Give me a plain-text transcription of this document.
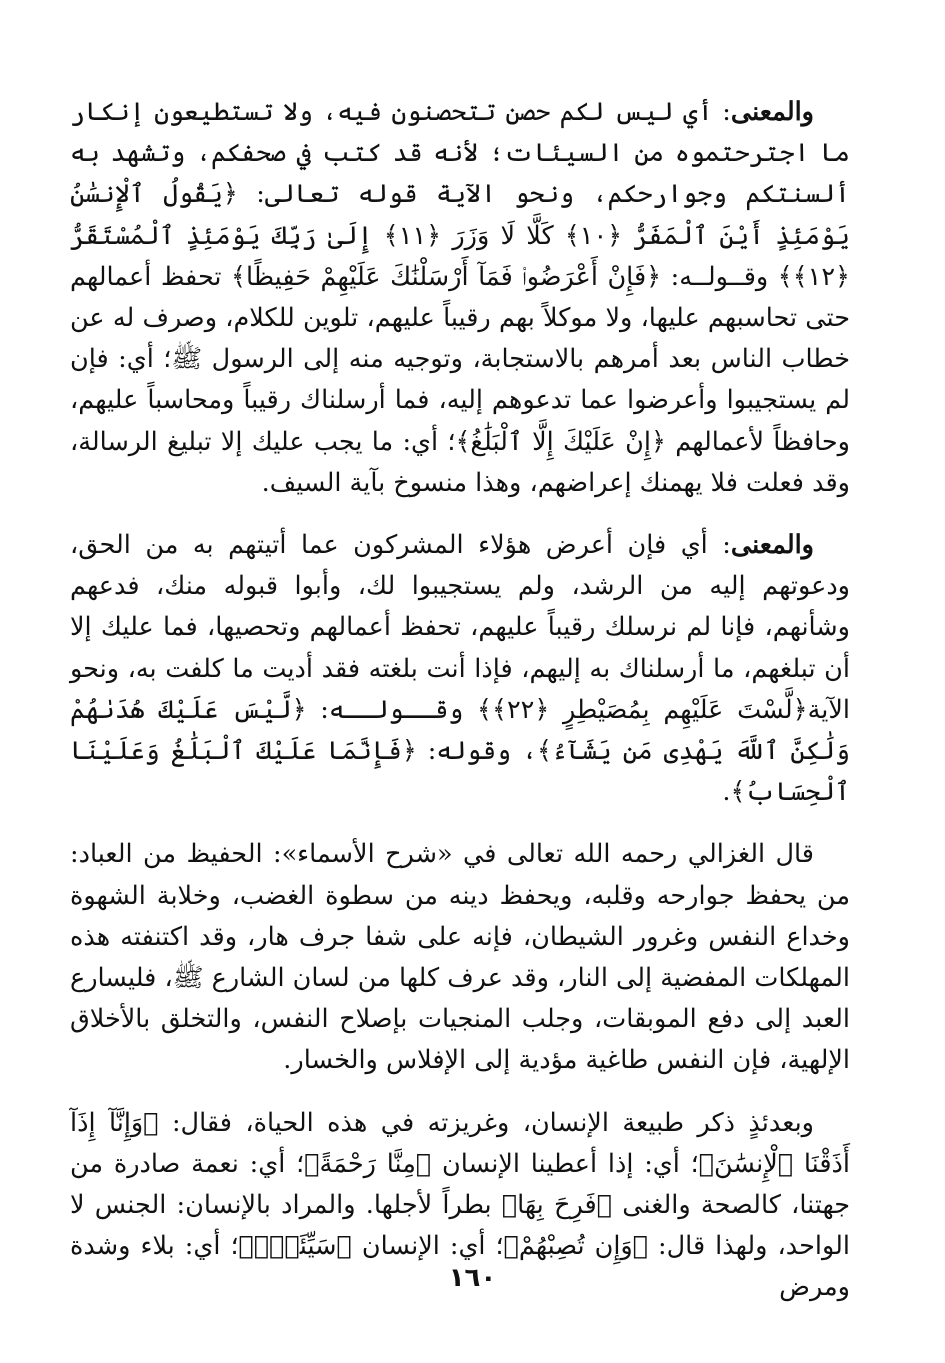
والمعنى: أي ليس لكم حصن تتحصنون فيه، ولا تستطيعون إنكار ما اجترحتموه من السيئات؛ لأنه قد كتب في صحفكم، وتشهد به ألسنتكم وجوارحكم، ونحو الآية قوله تعالى: ﴿يَقُولُ ٱلْإِنسَٰنُ يَوْمَئِذٍ أَيْنَ ٱلْمَفَرُّ ﴿١٠﴾ كَلَّا لَا وَزَرَ ﴿١١﴾ إِلَىٰ رَبِّكَ يَوْمَئِذٍ ٱلْمُسْتَقَرُّ ﴿١٢﴾﴾ وقــولــه: ﴿فَإِنْ أَعْرَضُوا۟ فَمَآ أَرْسَلْنَٰكَ عَلَيْهِمْ حَفِيظًا﴾ تحفظ أعمالهم حتى تحاسبهم عليها، ولا موكلاً بهم رقيباً عليهم، تلوين للكلام، وصرف له عن خطاب الناس بعد أمرهم بالاستجابة، وتوجيه منه إلى الرسول ﷺ؛ أي: فإن لم يستجيبوا وأعرضوا عما تدعوهم إليه، فما أرسلناك رقيباً ومحاسباً عليهم، وحافظاً لأعمالهم ﴿إِنْ عَلَيْكَ إِلَّا ٱلْبَلَٰغُ﴾؛ أي: ما يجب عليك إلا تبليغ الرسالة، وقد فعلت فلا يهمنك إعراضهم، وهذا منسوخ بآية السيف.

والمعنى: أي فإن أعرض هؤلاء المشركون عما أتيتهم به من الحق، ودعوتهم إليه من الرشد، ولم يستجيبوا لك، وأبوا قبوله منك، فدعهم وشأنهم، فإنا لم نرسلك رقيباً عليهم، تحفظ أعمالهم وتحصيها، فما عليك إلا أن تبلغهم، ما أرسلناك به إليهم، فإذا أنت بلغته فقد أديت ما كلفت به، ونحو الآية﴿لَّسْتَ عَلَيْهِم بِمُصَيْطِرٍ ﴿٢٢﴾﴾ وقــولــه: ﴿لَّيْسَ عَلَيْكَ هُدَىٰهُمْ وَلَٰكِنَّ ٱللَّهَ يَهْدِى مَن يَشَآءُ﴾، وقوله: ﴿فَإِنَّمَا عَلَيْكَ ٱلْبَلَٰغُ وَعَلَيْنَا ٱلْحِسَابُ﴾.

قال الغزالي رحمه الله تعالى في «شرح الأسماء»: الحفيظ من العباد: من يحفظ جوارحه وقلبه، ويحفظ دينه من سطوة الغضب، وخلابة الشهوة وخداع النفس وغرور الشيطان، فإنه على شفا جرف هار، وقد اكتنفته هذه المهلكات المفضية إلى النار، وقد عرف كلها من لسان الشارع ﷺ، فليسارع العبد إلى دفع الموبقات، وجلب المنجيات بإصلاح النفس، والتخلق بالأخلاق الإلهية، فإن النفس طاغية مؤدية إلى الإفلاس والخسار.

وبعدئذٍ ذكر طبيعة الإنسان، وغريزته في هذه الحياة، فقال: ﴿وَإِنَّآ إِذَآ أَذَقْنَا ٱلْإِنسَٰنَ﴾؛ أي: إذا أعطينا الإنسان ﴿مِنَّا رَحْمَةً﴾؛ أي: نعمة صادرة من جهتنا، كالصحة والغنى ﴿فَرِحَ بِهَا﴾ بطراً لأجلها. والمراد بالإنسان: الجنس لا الواحد، ولهذا قال: ﴿وَإِن تُصِبْهُمْ﴾؛ أي: الإنسان ﴿سَيِّئَةٌۢ﴾؛ أي: بلاء وشدة ومرض

١٦٠
